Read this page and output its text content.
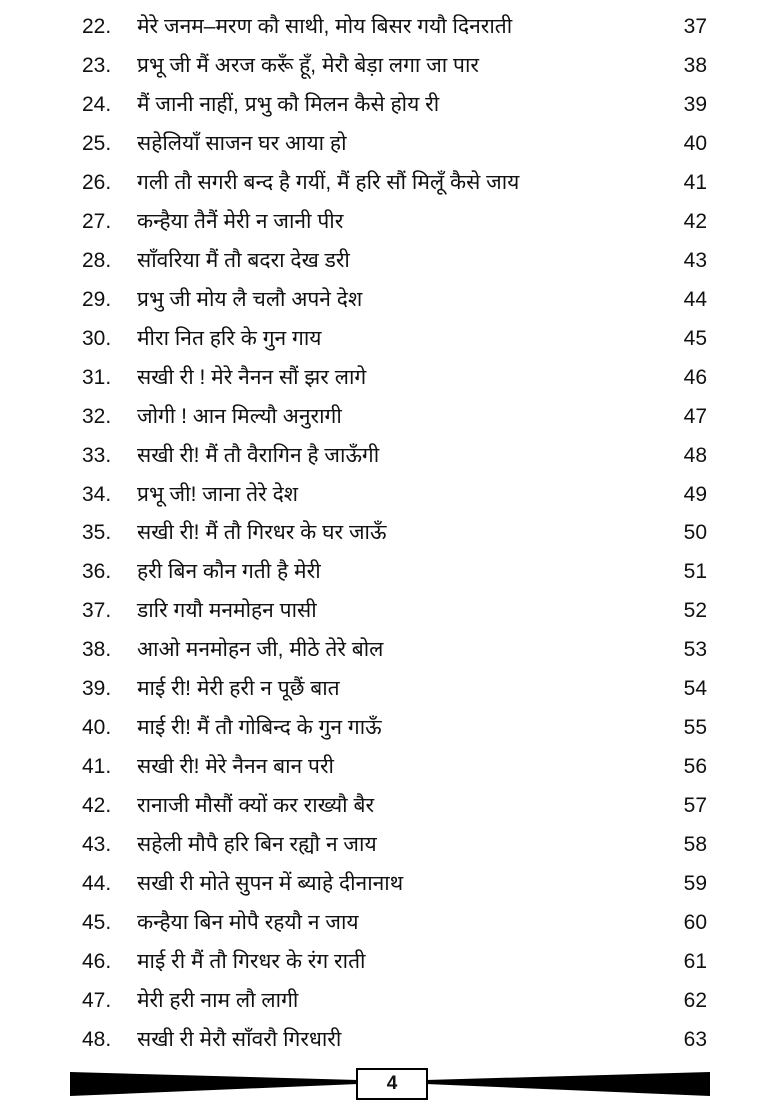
22.	मेरे जनम–मरण कौ साथी, मोय बिसर गयौ दिनराती	37
23.	प्रभू जी मैं अरज करूँ हूँ, मेरौ बेड़ा लगा जा पार	38
24.	मैं जानी नाहीं, प्रभु कौ मिलन कैसे होय री	39
25.	सहेलियाँ साजन घर आया हो	40
26.	गली तौ सगरी बन्द है गयीं, मैं हरि सौं मिलूँ कैसे जाय	41
27.	कन्हैया तैनैं मेरी न जानी पीर	42
28.	साँवरिया मैं तौ बदरा देख डरी	43
29.	प्रभु जी मोय लै चलौ अपने देश	44
30.	मीरा नित हरि के गुन गाय	45
31.	सखी री ! मेरे नैनन सौं झर लागे	46
32.	जोगी ! आन मिल्यौ अनुरागी	47
33.	सखी री! मैं तौ वैरागिन है जाऊँगी	48
34.	प्रभू जी! जाना तेरे देश	49
35.	सखी री! मैं तौ गिरधर के घर जाऊँ	50
36.	हरी बिन कौन गती है मेरी	51
37.	डारि गयौ मनमोहन पासी	52
38.	आओ मनमोहन जी, मीठे तेरे बोल	53
39.	माई री! मेरी हरी न पूछैं बात	54
40.	माई री! मैं तौ गोबिन्द के गुन गाऊँ	55
41.	सखी री! मेरे नैनन बान परी	56
42.	रानाजी मौसौं क्यों कर राख्यौ बैर	57
43.	सहेली मौपै हरि बिन रह्यौ न जाय	58
44.	सखी री मोते सुपन में ब्याहे दीनानाथ	59
45.	कन्हैया बिन मोपै रहयौ न जाय	60
46.	माई री मैं तौ गिरधर के रंग राती	61
47.	मेरी हरी नाम लौ लागी	62
48.	सखी री मेरौ साँवरौ गिरधारी	63
4
